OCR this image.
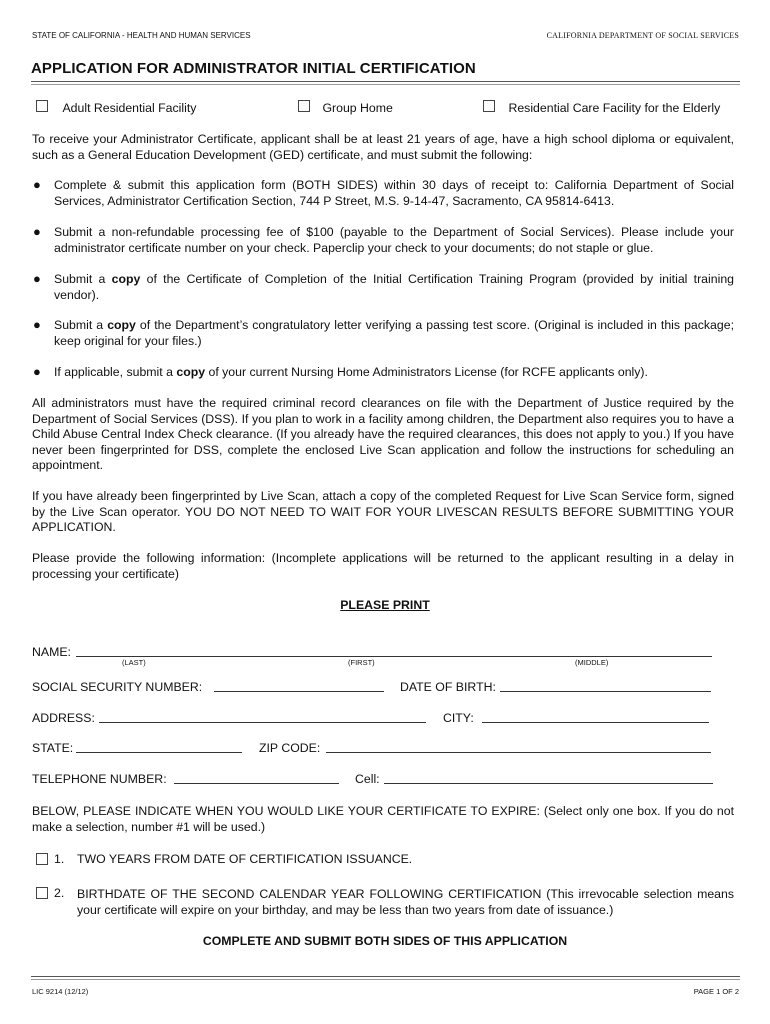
STATE OF CALIFORNIA - HEALTH AND HUMAN SERVICES	CALIFORNIA DEPARTMENT OF SOCIAL SERVICES
APPLICATION FOR ADMINISTRATOR INITIAL CERTIFICATION
Adult Residential Facility	Group Home	Residential Care Facility for the Elderly
To receive your Administrator Certificate, applicant shall be at least 21 years of age, have a high school diploma or equivalent, such as a General Education Development (GED) certificate, and must submit the following:
● Complete & submit this application form (BOTH SIDES) within 30 days of receipt to: California Department of Social Services, Administrator Certification Section, 744 P Street, M.S. 9-14-47, Sacramento, CA 95814-6413.
● Submit a non-refundable processing fee of $100 (payable to the Department of Social Services). Please include your administrator certificate number on your check. Paperclip your check to your documents; do not staple or glue.
● Submit a copy of the Certificate of Completion of the Initial Certification Training Program (provided by initial training vendor).
● Submit a copy of the Department’s congratulatory letter verifying a passing test score. (Original is included in this package; keep original for your files.)
● If applicable, submit a copy of your current Nursing Home Administrators License (for RCFE applicants only).
All administrators must have the required criminal record clearances on file with the Department of Justice required by the Department of Social Services (DSS). If you plan to work in a facility among children, the Department also requires you to have a Child Abuse Central Index Check clearance. (If you already have the required clearances, this does not apply to you.) If you have never been fingerprinted for DSS, complete the enclosed Live Scan application and follow the instructions for scheduling an appointment.
If you have already been fingerprinted by Live Scan, attach a copy of the completed Request for Live Scan Service form, signed by the Live Scan operator. YOU DO NOT NEED TO WAIT FOR YOUR LIVESCAN RESULTS BEFORE SUBMITTING YOUR APPLICATION.
Please provide the following information: (Incomplete applications will be returned to the applicant resulting in a delay in processing your certificate)
PLEASE PRINT
NAME:
(LAST)	(FIRST)	(MIDDLE)
SOCIAL SECURITY NUMBER:	DATE OF BIRTH:
ADDRESS:	CITY:
STATE:	ZIP CODE:
TELEPHONE NUMBER:	Cell:
BELOW, PLEASE INDICATE WHEN YOU WOULD LIKE YOUR CERTIFICATE TO EXPIRE: (Select only one box. If you do not make a selection, number #1 will be used.)
1. TWO YEARS FROM DATE OF CERTIFICATION ISSUANCE.
2. BIRTHDATE OF THE SECOND CALENDAR YEAR FOLLOWING CERTIFICATION (This irrevocable selection means your certificate will expire on your birthday, and may be less than two years from date of issuance.)
COMPLETE AND SUBMIT BOTH SIDES OF THIS APPLICATION
LIC 9214 (12/12)	PAGE 1 OF 2
